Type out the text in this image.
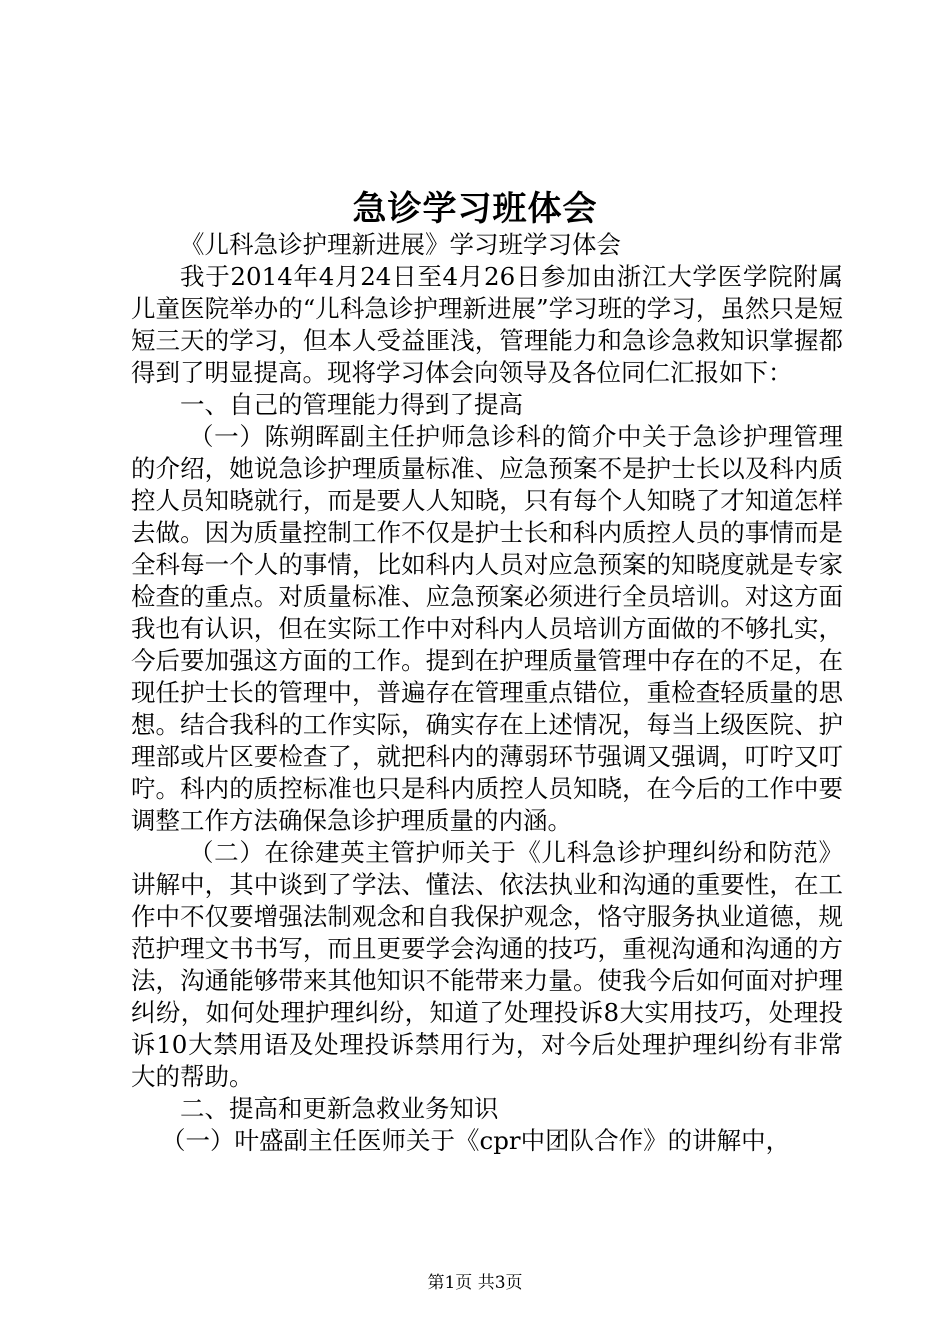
急诊学习班体会

《儿科急诊护理新进展》学习班学习体会

我于2014年4月24日至4月26日参加由浙江大学医学院附属儿童医院举办的“儿科急诊护理新进展”学习班的学习，虽然只是短短三天的学习，但本人受益匪浅，管理能力和急诊急救知识掌握都得到了明显提高。现将学习体会向领导及各位同仁汇报如下：

一、自己的管理能力得到了提高

（一）陈朔晖副主任护师急诊科的简介中关于急诊护理管理的介绍，她说急诊护理质量标准、应急预案不是护士长以及科内质控人员知晓就行，而是要人人知晓，只有每个人知晓了才知道怎样去做。因为质量控制工作不仅是护士长和科内质控人员的事情而是全科每一个人的事情，比如科内人员对应急预案的知晓度就是专家检查的重点。对质量标准、应急预案必须进行全员培训。对这方面我也有认识，但在实际工作中对科内人员培训方面做的不够扎实，今后要加强这方面的工作。提到在护理质量管理中存在的不足，在现任护士长的管理中，普遍存在管理重点错位，重检查轻质量的思想。结合我科的工作实际，确实存在上述情况，每当上级医院、护理部或片区要检查了，就把科内的薄弱环节强调又强调，叮咛又叮咛。科内的质控标准也只是科内质控人员知晓，在今后的工作中要调整工作方法确保急诊护理质量的内涵。

（二）在徐建英主管护师关于《儿科急诊护理纠纷和防范》讲解中，其中谈到了学法、懂法、依法执业和沟通的重要性，在工作中不仅要增强法制观念和自我保护观念，恪守服务执业道德，规范护理文书书写，而且更要学会沟通的技巧，重视沟通和沟通的方法，沟通能够带来其他知识不能带来力量。使我今后如何面对护理纠纷，如何处理护理纠纷，知道了处理投诉8大实用技巧，处理投诉10大禁用语及处理投诉禁用行为，对今后处理护理纠纷有非常大的帮助。

二、提高和更新急救业务知识

（一）叶盛副主任医师关于《cpr中团队合作》的讲解中，

第1页 共3页
